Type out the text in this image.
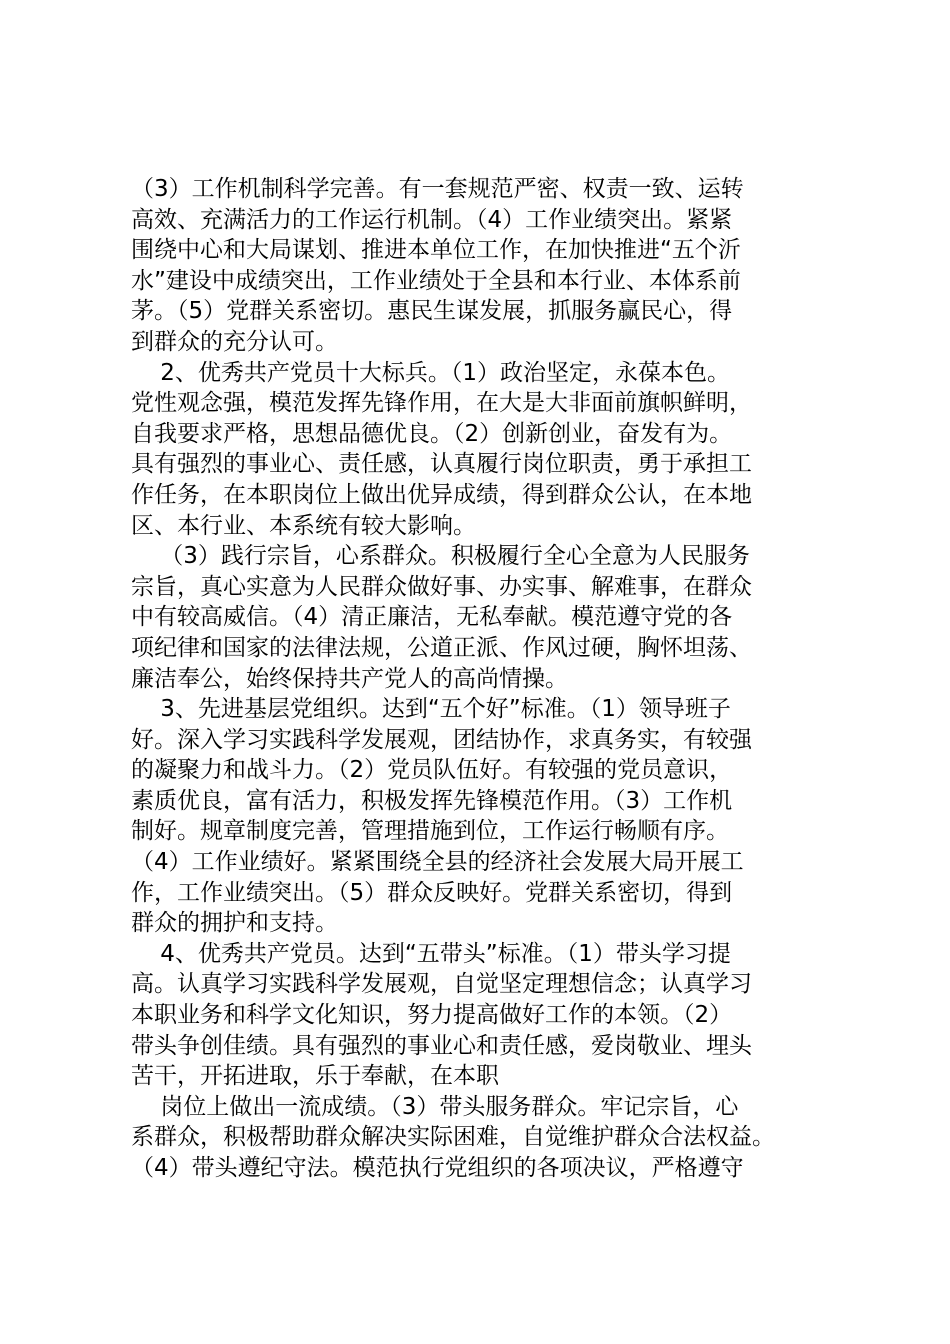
（3）工作机制科学完善。有一套规范严密、权责一致、运转

高效、充满活力的工作运行机制。（4）工作业绩突出。紧紧

围绕中心和大局谋划、推进本单位工作，在加快推进“五个沂

水”建设中成绩突出，工作业绩处于全县和本行业、本体系前

茅。（5）党群关系密切。惠民生谋发展，抓服务赢民心，得

到群众的充分认可。

2、优秀共产党员十大标兵。（1）政治坚定，永葆本色。

党性观念强，模范发挥先锋作用，在大是大非面前旗帜鲜明，

自我要求严格，思想品德优良。（2）创新创业，奋发有为。

具有强烈的事业心、责任感，认真履行岗位职责，勇于承担工

作任务，在本职岗位上做出优异成绩，得到群众公认，在本地

区、本行业、本系统有较大影响。

（3）践行宗旨，心系群众。积极履行全心全意为人民服务

宗旨，真心实意为人民群众做好事、办实事、解难事，在群众

中有较高威信。（4）清正廉洁，无私奉献。模范遵守党的各

项纪律和国家的法律法规，公道正派、作风过硬，胸怀坦荡、

廉洁奉公，始终保持共产党人的高尚情操。

3、先进基层党组织。达到“五个好”标准。（1）领导班子

好。深入学习实践科学发展观，团结协作，求真务实，有较强

的凝聚力和战斗力。（2）党员队伍好。有较强的党员意识，

素质优良，富有活力，积极发挥先锋模范作用。（3）工作机

制好。规章制度完善，管理措施到位，工作运行畅顺有序。

（4）工作业绩好。紧紧围绕全县的经济社会发展大局开展工

作，工作业绩突出。（5）群众反映好。党群关系密切，得到

群众的拥护和支持。

4、优秀共产党员。达到“五带头”标准。（1）带头学习提

高。认真学习实践科学发展观，自觉坚定理想信念；认真学习

本职业务和科学文化知识，努力提高做好工作的本领。（2）

带头争创佳绩。具有强烈的事业心和责任感，爱岗敬业、埋头

苦干，开拓进取，乐于奉献，在本职

岗位上做出一流成绩。（3）带头服务群众。牢记宗旨，心

系群众，积极帮助群众解决实际困难，自觉维护群众合法权益。

（4）带头遵纪守法。模范执行党组织的各项决议，严格遵守
